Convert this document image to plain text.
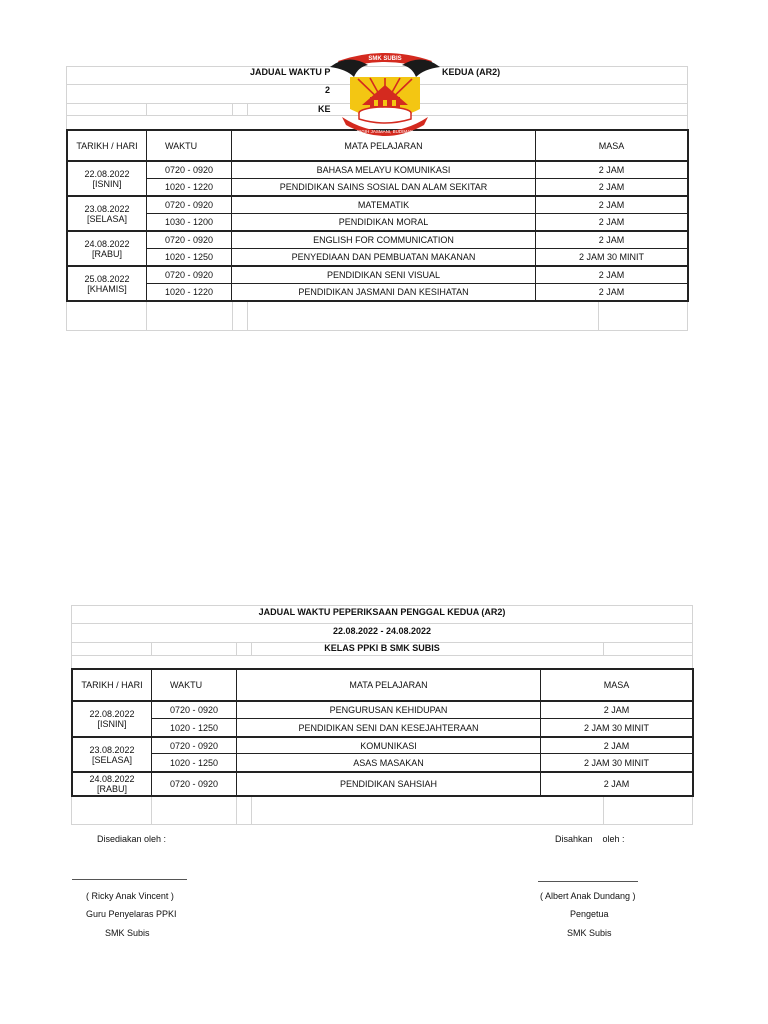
JADUAL WAKTU P	KEDUA (AR2)
2
KE
TARIKH / HARI	WAKTU	MATA PELAJARAN	MASA
22.08.2022
[ISNIN]
0720 - 0920	BAHASA MELAYU KOMUNIKASI	2 JAM
1020 - 1220	PENDIDIKAN SAINS SOSIAL DAN ALAM SEKITAR	2 JAM
23.08.2022
[SELASA]
0720 - 0920	MATEMATIK	2 JAM
1030 - 1200	PENDIDIKAN MORAL	2 JAM
24.08.2022
[RABU]
0720 - 0920	ENGLISH FOR COMMUNICATION	2 JAM
1020 - 1250	PENYEDIAAN DAN PEMBUATAN MAKANAN	2 JAM 30 MINIT
25.08.2022
[KHAMIS]
0720 - 0920	PENDIDIKAN SENI VISUAL	2 JAM
1020 - 1220	PENDIDIKAN JASMANI DAN KESIHATAN	2 JAM
SMK SUBIS
GIGIH JASMANI, BUDIMAN
JADUAL WAKTU PEPERIKSAAN PENGGAL KEDUA (AR2)
22.08.2022 - 24.08.2022
KELAS PPKI B SMK SUBIS
TARIKH / HARI	WAKTU	MATA PELAJARAN	MASA
22.08.2022
[ISNIN]
0720 - 0920	PENGURUSAN KEHIDUPAN	2 JAM
1020 - 1250	PENDIDIKAN SENI DAN KESEJAHTERAAN	2 JAM 30 MINIT
23.08.2022
[SELASA]
0720 - 0920	KOMUNIKASI	2 JAM
1020 - 1250	ASAS MASAKAN	2 JAM 30 MINIT
24.08.2022
[RABU]	0720 - 0920	PENDIDIKAN SAHSIAH	2 JAM
Disediakan oleh :
( Ricky Anak Vincent )
Guru Penyelaras PPKI
SMK Subis
Disahkan    oleh :
( Albert Anak Dundang )
Pengetua
SMK Subis
